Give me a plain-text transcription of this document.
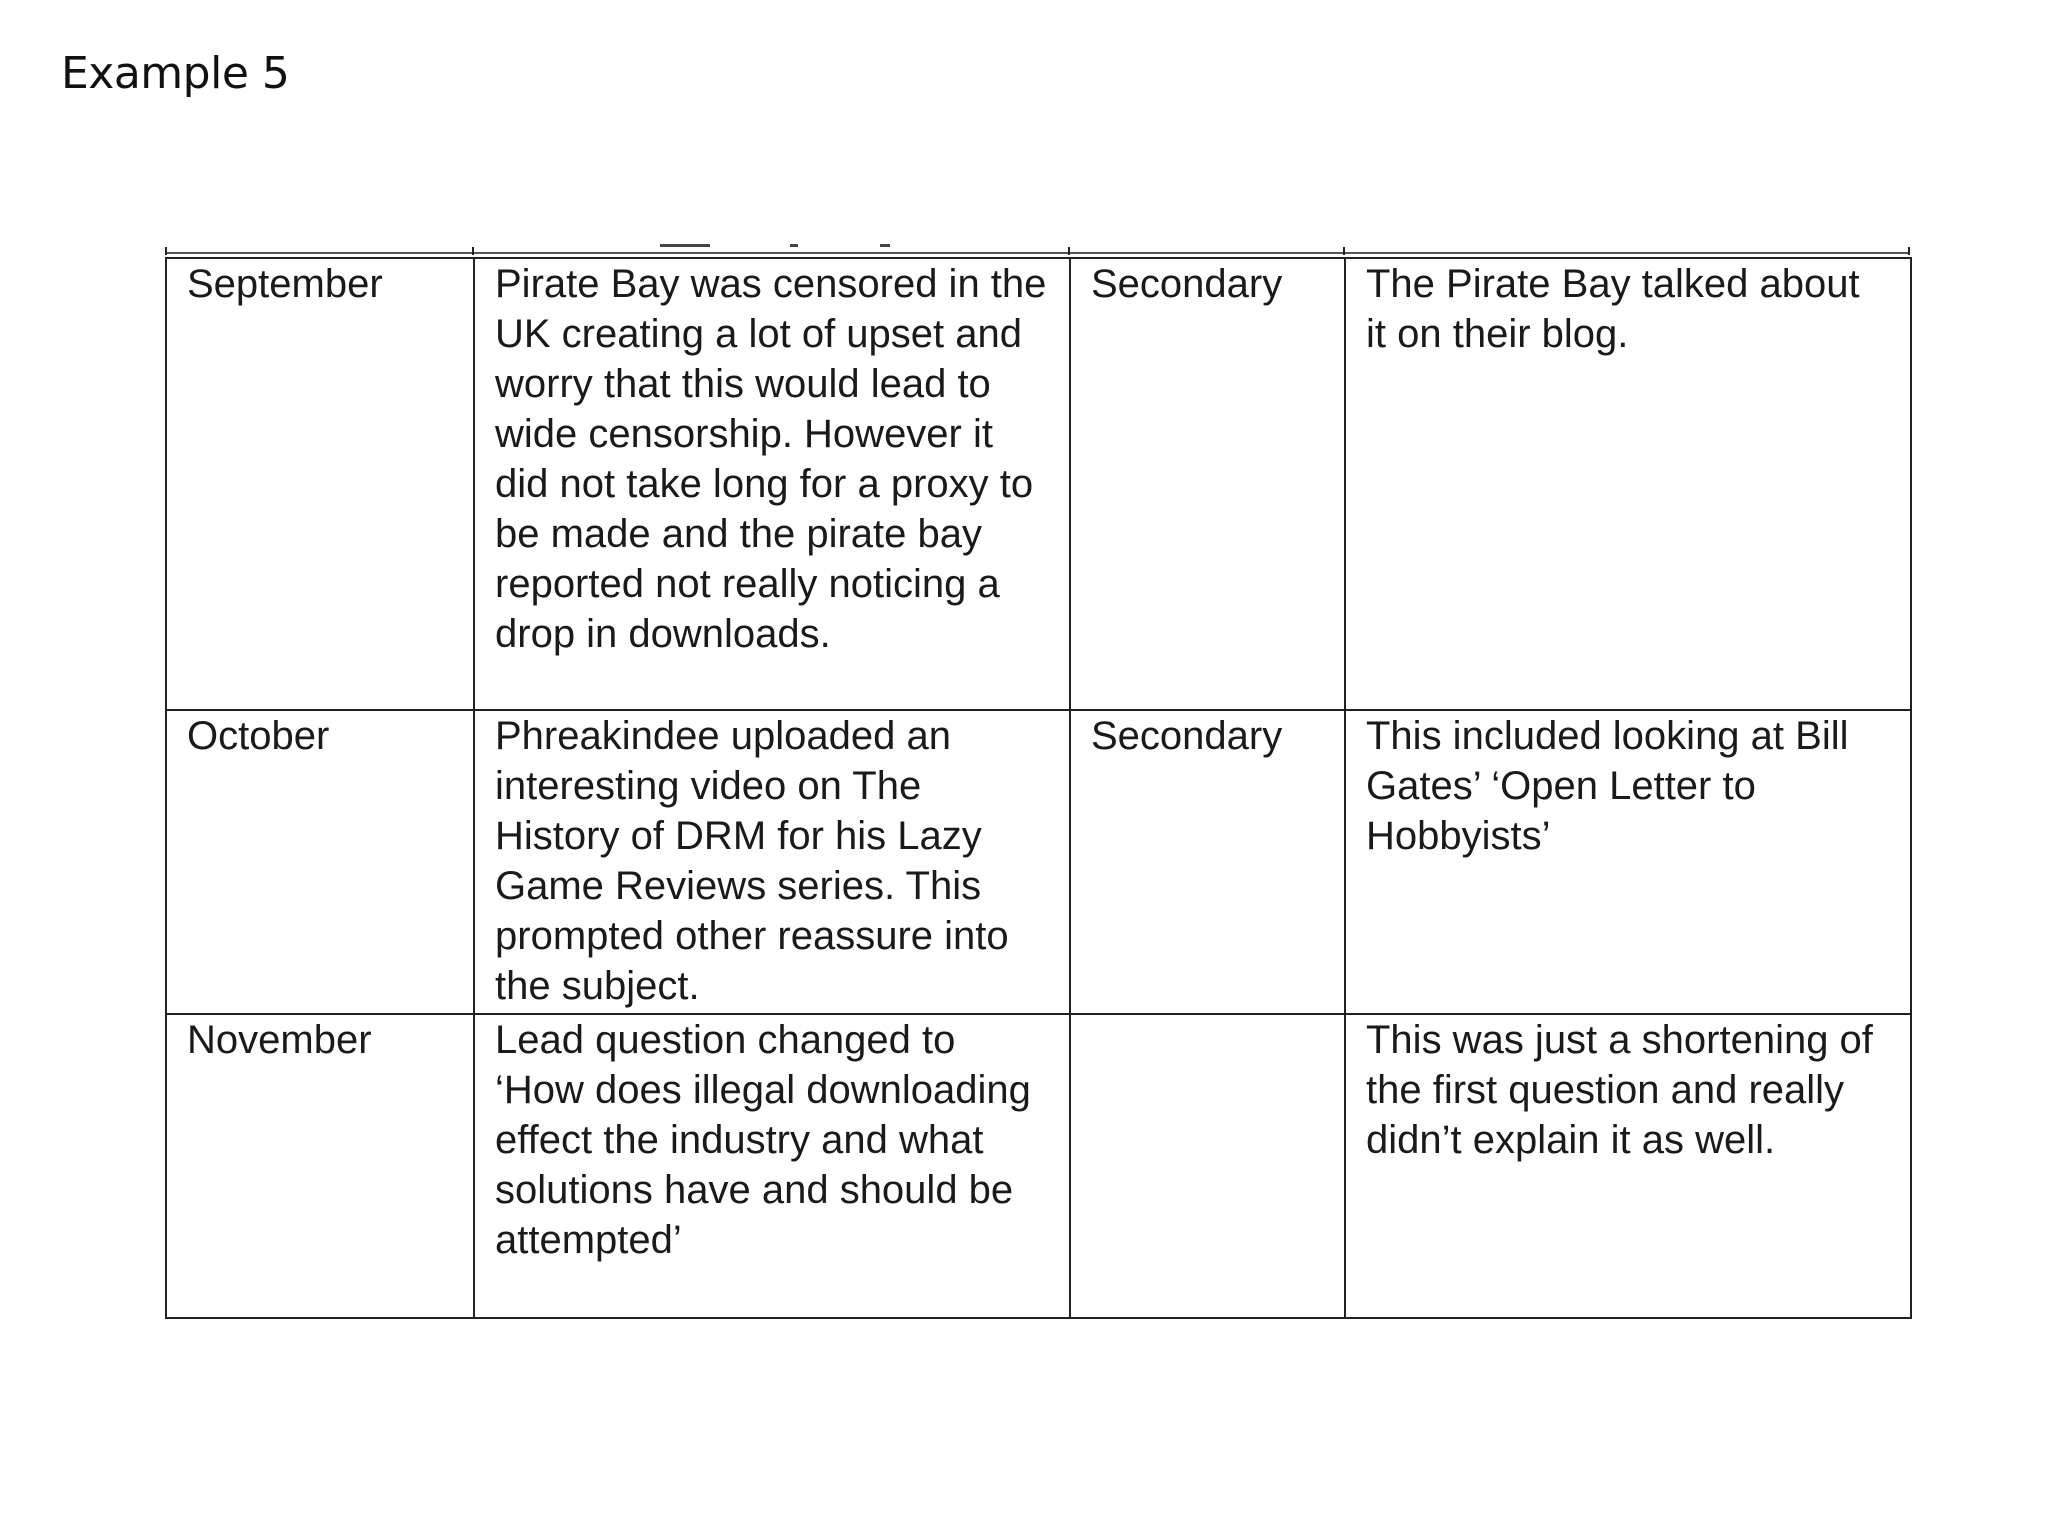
Example 5
September	Pirate Bay was censored in the UK creating a lot of upset and worry that this would lead to wide censorship. However it did not take long for a proxy to be made and the pirate bay reported not really noticing a drop in downloads.	Secondary	The Pirate Bay talked about it on their blog.
October	Phreakindee uploaded an interesting video on The History of DRM for his Lazy Game Reviews series. This prompted other reassure into the subject.	Secondary	This included looking at Bill Gates’ ‘Open Letter to Hobbyists’
November	Lead question changed to ‘How does illegal downloading effect the industry and what solutions have and should be attempted’		This was just a shortening of the first question and really didn’t explain it as well.
